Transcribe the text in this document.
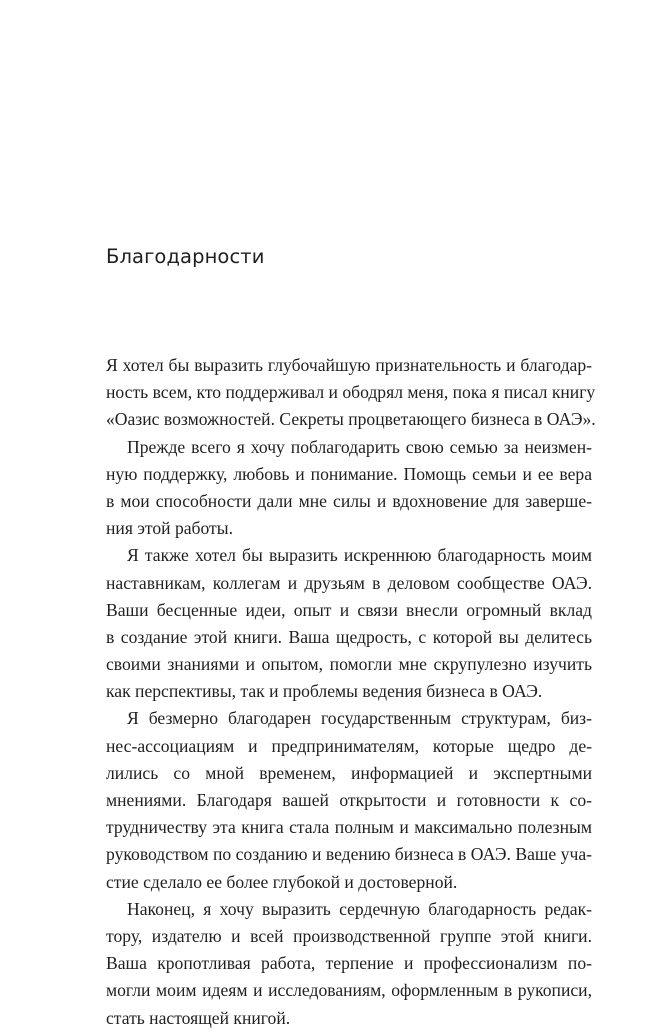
Благодарности

Я хотел бы выразить глубочайшую признательность и благодар-
ность всем, кто поддерживал и ободрял меня, пока я писал книгу
«Оазис возможностей. Секреты процветающего бизнеса в ОАЭ».

Прежде всего я хочу поблагодарить свою семью за неизмен-
ную поддержку, любовь и понимание. Помощь семьи и ее вера
в мои способности дали мне силы и вдохновение для заверше-
ния этой работы.

Я также хотел бы выразить искреннюю благодарность моим
наставникам, коллегам и друзьям в деловом сообществе ОАЭ.
Ваши бесценные идеи, опыт и связи внесли огромный вклад
в создание этой книги. Ваша щедрость, с которой вы делитесь
своими знаниями и опытом, помогли мне скрупулезно изучить
как перспективы, так и проблемы ведения бизнеса в ОАЭ.

Я безмерно благодарен государственным структурам, биз-
нес-ассоциациям и предпринимателям, которые щедро де-
лились со мной временем, информацией и экспертными
мнениями. Благодаря вашей открытости и готовности к со-
трудничеству эта книга стала полным и максимально полезным
руководством по созданию и ведению бизнеса в ОАЭ. Ваше уча-
стие сделало ее более глубокой и достоверной.

Наконец, я хочу выразить сердечную благодарность редак-
тору, издателю и всей производственной группе этой книги.
Ваша кропотливая работа, терпение и профессионализм по-
могли моим идеям и исследованиям, оформленным в рукописи,
стать настоящей книгой.
